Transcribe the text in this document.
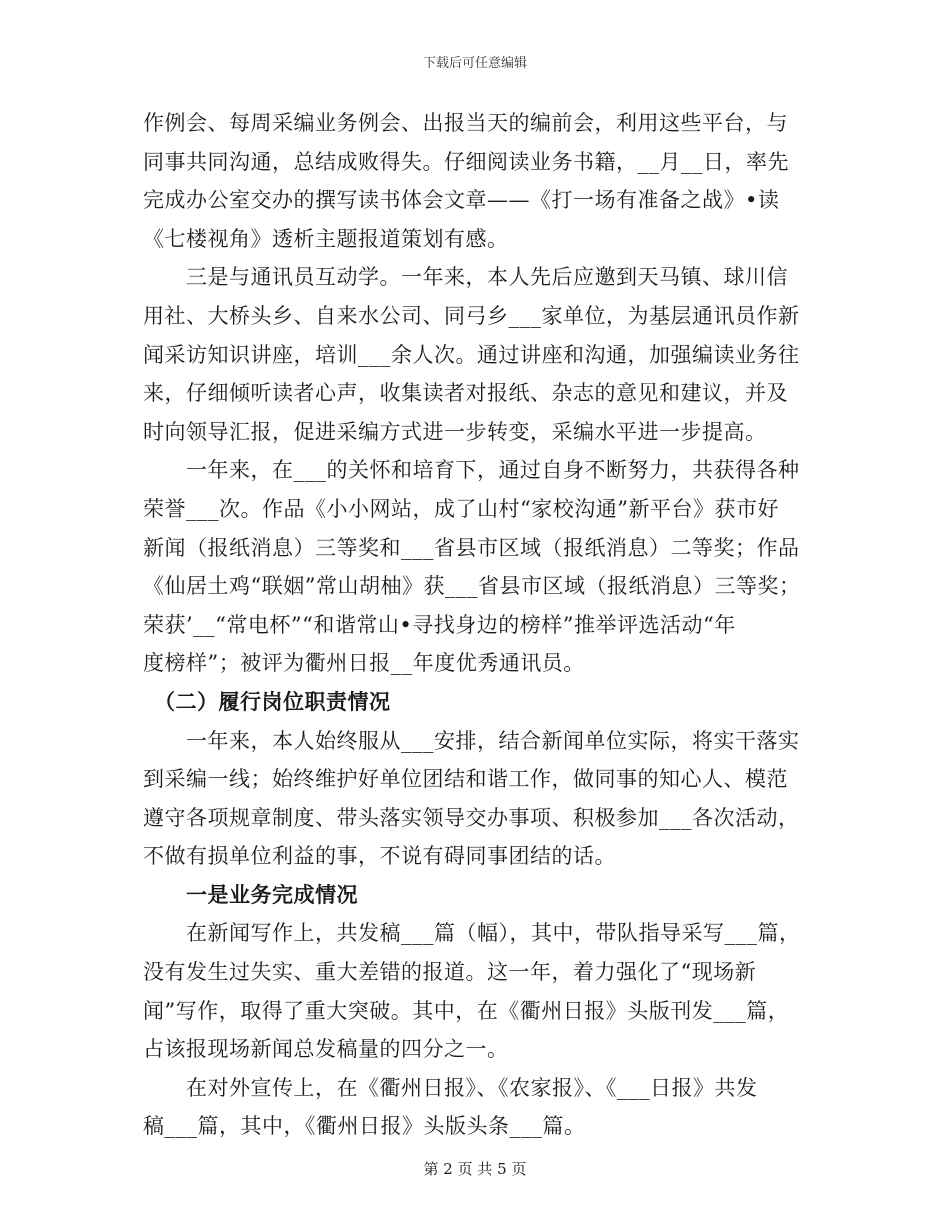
下载后可任意编辑
作例会、每周采编业务例会、出报当天的编前会，利用这些平台，与
同事共同沟通，总结成败得失。仔细阅读业务书籍，__月__日，率先
完成办公室交办的撰写读书体会文章——《打一场有准备之战》•读
《七楼视角》透析主题报道策划有感。
　　三是与通讯员互动学。一年来，本人先后应邀到天马镇、球川信
用社、大桥头乡、自来水公司、同弓乡___家单位，为基层通讯员作新
闻采访知识讲座，培训___余人次。通过讲座和沟通，加强编读业务往
来，仔细倾听读者心声，收集读者对报纸、杂志的意见和建议，并及
时向领导汇报，促进采编方式进一步转变，采编水平进一步提高。
　　一年来，在___的关怀和培育下，通过自身不断努力，共获得各种
荣誉___次。作品《小小网站，成了山村“家校沟通”新平台》获市好
新闻（报纸消息）三等奖和___省县市区域（报纸消息）二等奖；作品
《仙居土鸡“联姻”常山胡柚》获___省县市区域（报纸消息）三等奖；
荣获’__“常电杯”“和谐常山•寻找身边的榜样”推举评选活动“年
度榜样”；被评为衢州日报__年度优秀通讯员。
　（二）履行岗位职责情况
　　一年来，本人始终服从___安排，结合新闻单位实际，将实干落实
到采编一线；始终维护好单位团结和谐工作，做同事的知心人、模范
遵守各项规章制度、带头落实领导交办事项、积极参加___各次活动，
不做有损单位利益的事，不说有碍同事团结的话。
　　一是业务完成情况
　　在新闻写作上，共发稿___篇（幅），其中，带队指导采写___篇，
没有发生过失实、重大差错的报道。这一年，着力强化了“现场新
闻”写作，取得了重大突破。其中，在《衢州日报》头版刊发___篇，
占该报现场新闻总发稿量的四分之一。
　　在对外宣传上，在《衢州日报》、《农家报》、《___日报》共发
稿___篇，其中，《衢州日报》头版头条___篇。
第 2 页 共 5 页
